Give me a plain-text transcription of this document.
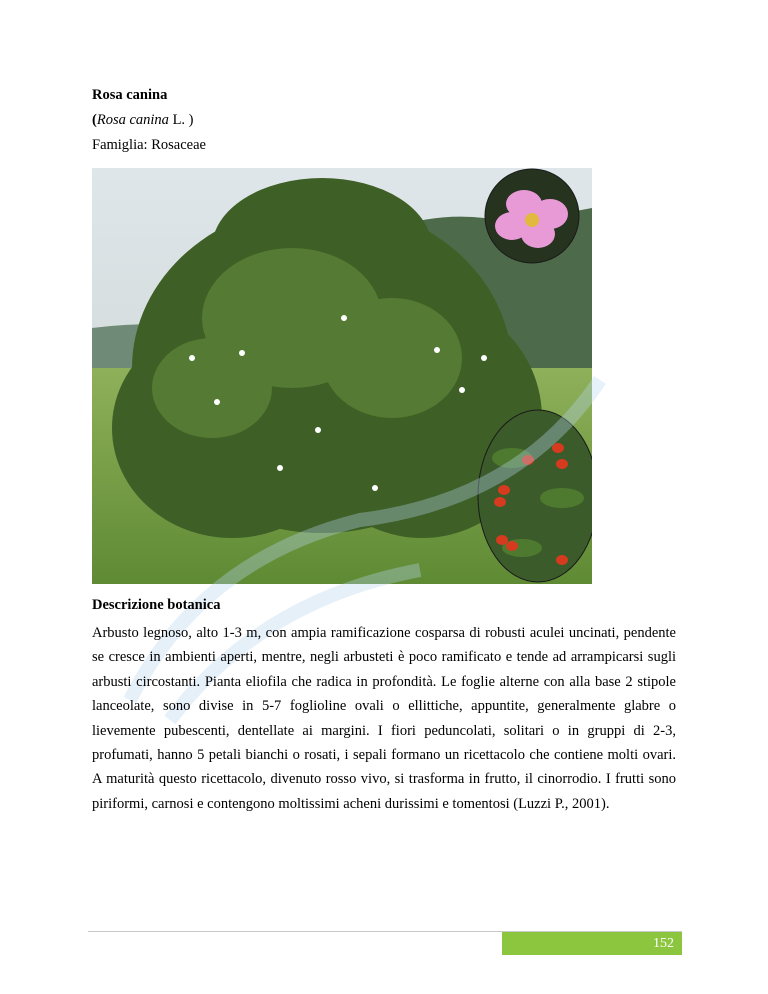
Rosa canina
(Rosa canina L. )
Famiglia: Rosaceae
Descrizione botanica
Arbusto legnoso, alto 1-3 m, con ampia ramificazione cosparsa di robusti aculei uncinati, pendente se cresce in ambienti aperti, mentre, negli arbusteti è poco ramificato e tende ad arrampicarsi sugli arbusti circostanti. Pianta eliofila che radica in profondità. Le foglie alterne con alla base 2 stipole lanceolate, sono divise in 5-7 foglioline ovali o ellittiche, appuntite, generalmente glabre o lievemente pubescenti, dentellate ai margini. I fiori peduncolati, solitari o in gruppi di 2-3, profumati, hanno 5 petali bianchi o rosati, i sepali formano un ricettacolo che contiene molti ovari. A maturità questo ricettacolo, divenuto rosso vivo, si trasforma in frutto, il cinorrodio. I frutti sono piriformi, carnosi e contengono moltissimi acheni durissimi e tomentosi (Luzzi P., 2001).
152
